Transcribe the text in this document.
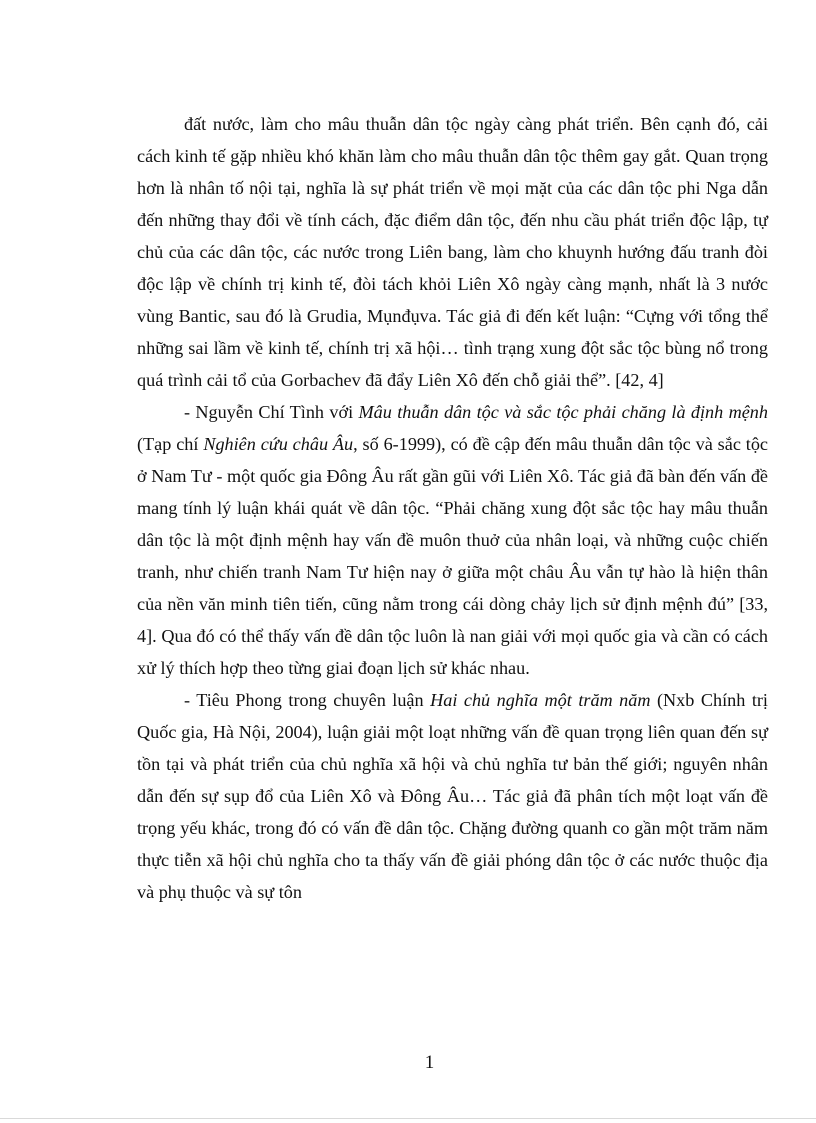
đất nước, làm cho mâu thuẫn dân tộc ngày càng phát triển. Bên cạnh đó, cải cách kinh tế gặp nhiều khó khăn làm cho mâu thuẫn dân tộc thêm gay gắt. Quan trọng hơn là nhân tố nội tại, nghĩa là sự phát triển về mọi mặt của các dân tộc phi Nga dẫn đến những thay đổi về tính cách, đặc điểm dân tộc, đến nhu cầu phát triển độc lập, tự chủ của các dân tộc, các nước trong Liên bang, làm cho khuynh hướng đấu tranh đòi độc lập về chính trị kinh tế, đòi tách khỏi Liên Xô ngày càng mạnh, nhất là 3 nước vùng Bantic, sau đó là Grudia, Mụnđụva. Tác giả đi đến kết luận: “Cựng với tổng thể những sai lầm về kinh tế, chính trị xã hội… tình trạng xung đột sắc tộc bùng nổ trong quá trình cải tổ của Gorbachev đã đẩy Liên Xô đến chỗ giải thể”. [42, 4]

- Nguyễn Chí Tình với Mâu thuẫn dân tộc và sắc tộc phải chăng là định mệnh (Tạp chí Nghiên cứu châu Âu, số 6-1999), có đề cập đến mâu thuẫn dân tộc và sắc tộc ở Nam Tư - một quốc gia Đông Âu rất gần gũi với Liên Xô. Tác giả đã bàn đến vấn đề mang tính lý luận khái quát về dân tộc. “Phải chăng xung đột sắc tộc hay mâu thuẫn dân tộc là một định mệnh hay vấn đề muôn thuở của nhân loại, và những cuộc chiến tranh, như chiến tranh Nam Tư hiện nay ở giữa một châu Âu vẫn tự hào là hiện thân của nền văn minh tiên tiến, cũng nằm trong cái dòng chảy lịch sử định mệnh đú” [33, 4]. Qua đó có thể thấy vấn đề dân tộc luôn là nan giải với mọi quốc gia và cần có cách xử lý thích hợp theo từng giai đoạn lịch sử khác nhau.

- Tiêu Phong trong chuyên luận Hai chủ nghĩa một trăm năm (Nxb Chính trị Quốc gia, Hà Nội, 2004), luận giải một loạt những vấn đề quan trọng liên quan đến sự tồn tại và phát triển của chủ nghĩa xã hội và chủ nghĩa tư bản thế giới; nguyên nhân dẫn đến sự sụp đổ của Liên Xô và Đông Âu… Tác giả đã phân tích một loạt vấn đề trọng yếu khác, trong đó có vấn đề dân tộc. Chặng đường quanh co gần một trăm năm thực tiễn xã hội chủ nghĩa cho ta thấy vấn đề giải phóng dân tộc ở các nước thuộc địa và phụ thuộc và sự tôn

1
